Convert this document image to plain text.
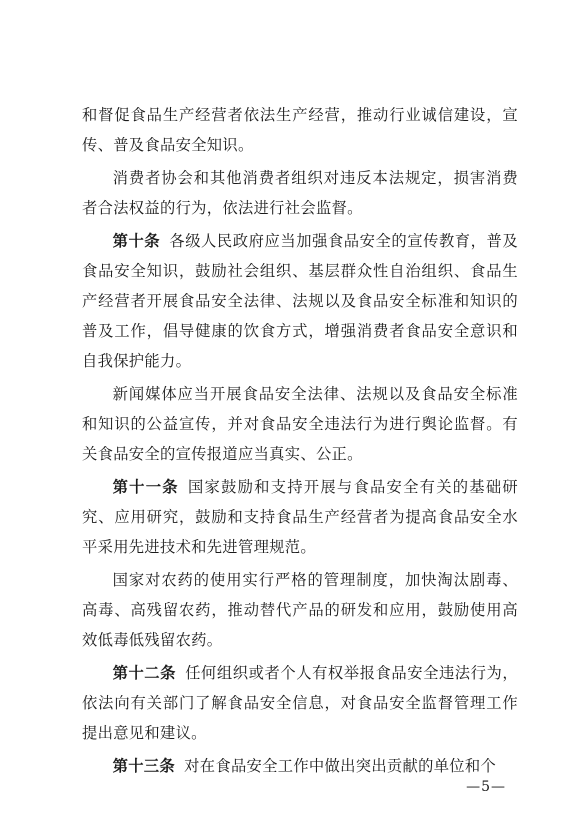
和督促食品生产经营者依法生产经营，推动行业诚信建设，宣传、普及食品安全知识。

消费者协会和其他消费者组织对违反本法规定，损害消费者合法权益的行为，依法进行社会监督。

第十条 各级人民政府应当加强食品安全的宣传教育，普及食品安全知识，鼓励社会组织、基层群众性自治组织、食品生产经营者开展食品安全法律、法规以及食品安全标准和知识的普及工作，倡导健康的饮食方式，增强消费者食品安全意识和自我保护能力。

新闻媒体应当开展食品安全法律、法规以及食品安全标准和知识的公益宣传，并对食品安全违法行为进行舆论监督。有关食品安全的宣传报道应当真实、公正。

第十一条 国家鼓励和支持开展与食品安全有关的基础研究、应用研究，鼓励和支持食品生产经营者为提高食品安全水平采用先进技术和先进管理规范。

国家对农药的使用实行严格的管理制度，加快淘汰剧毒、高毒、高残留农药，推动替代产品的研发和应用，鼓励使用高效低毒低残留农药。

第十二条 任何组织或者个人有权举报食品安全违法行为，依法向有关部门了解食品安全信息，对食品安全监督管理工作提出意见和建议。

第十三条 对在食品安全工作中做出突出贡献的单位和个

—5—
